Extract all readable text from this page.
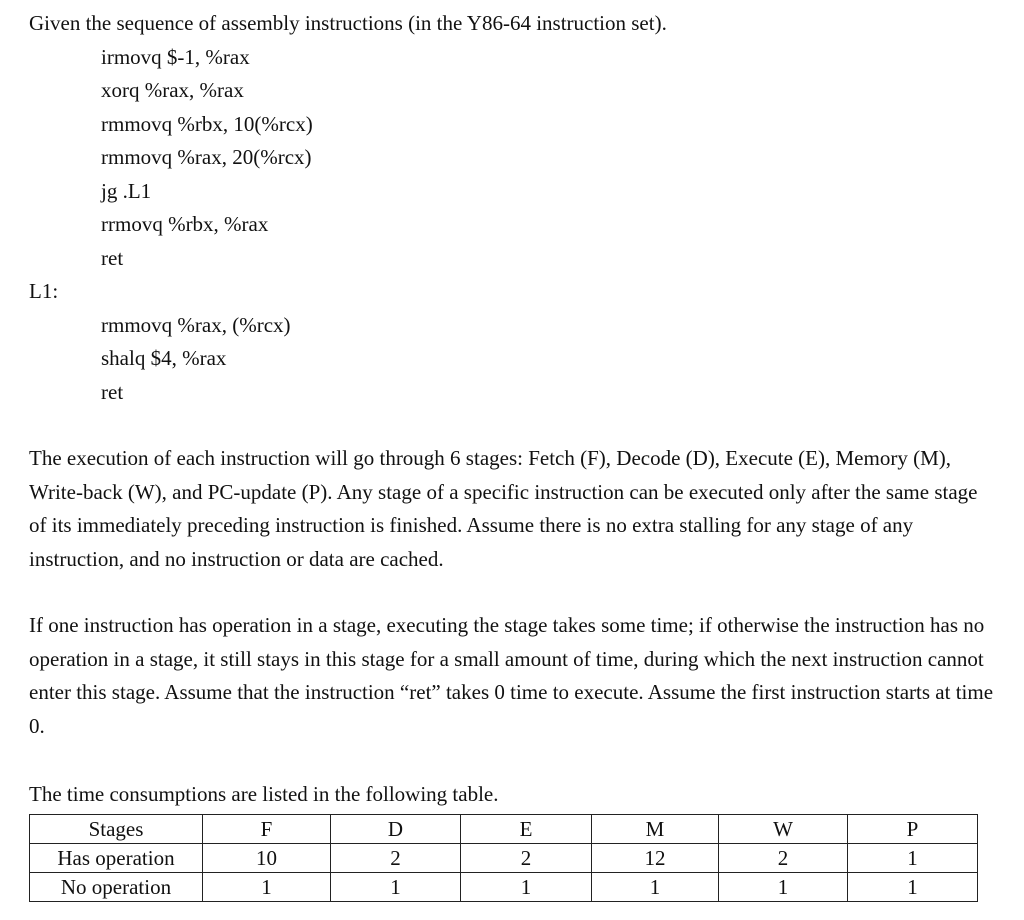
Given the sequence of assembly instructions (in the Y86-64 instruction set).

irmovq $-1, %rax

xorq %rax, %rax

rmmovq %rbx, 10(%rcx)

rmmovq %rax, 20(%rcx)

jg .L1

rrmovq %rbx, %rax

ret

L1:

rmmovq %rax, (%rcx)

shalq $4, %rax

ret

The execution of each instruction will go through 6 stages: Fetch (F), Decode (D), Execute (E), Memory (M), Write-back (W), and PC-update (P). Any stage of a specific instruction can be executed only after the same stage of its immediately preceding instruction is finished. Assume there is no extra stalling for any stage of any instruction, and no instruction or data are cached.

If one instruction has operation in a stage, executing the stage takes some time; if otherwise the instruction has no operation in a stage, it still stays in this stage for a small amount of time, during which the next instruction cannot enter this stage. Assume that the instruction “ret” takes 0 time to execute. Assume the first instruction starts at time 0.

The time consumptions are listed in the following table.

Stages	F	D	E	M	W	P
Has operation	10	2	2	12	2	1
No operation	1	1	1	1	1	1
